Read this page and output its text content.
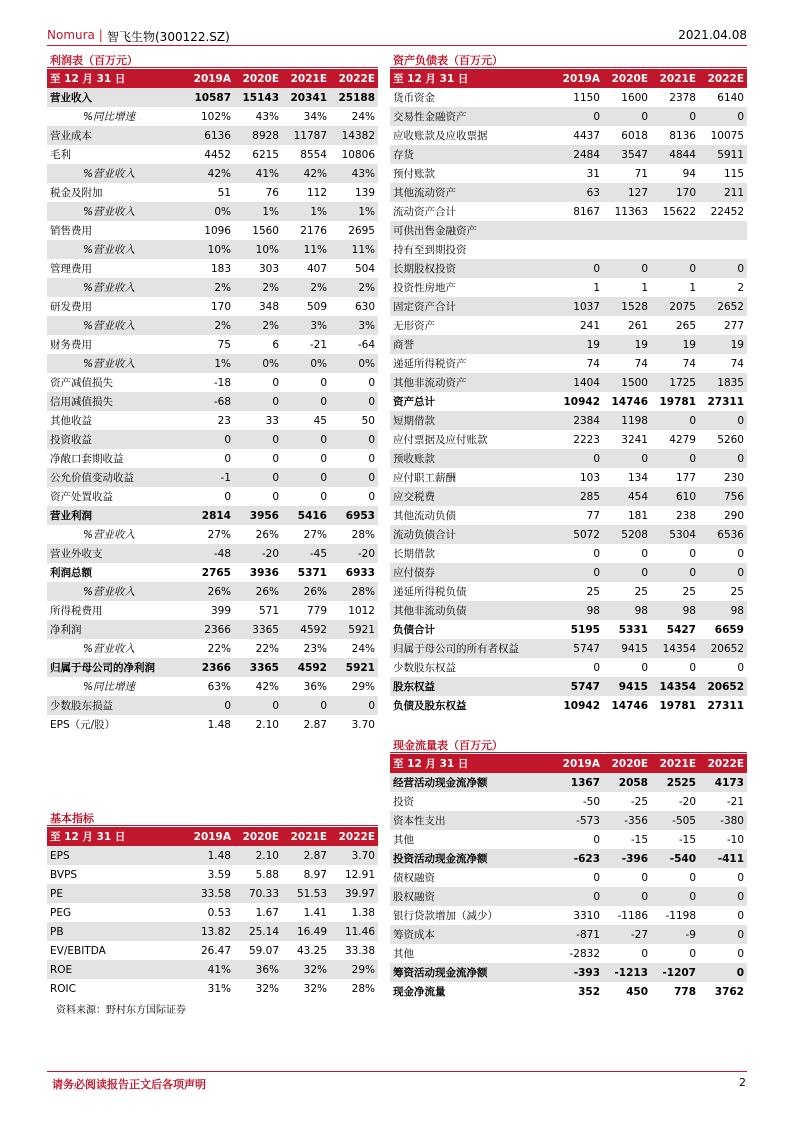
Nomura | 智飞生物(300122.SZ)	2021.04.08
利润表（百万元）
至 12 月 31 日	2019A	2020E	2021E	2022E
营业收入	10587	15143	20341	25188
%同比增速	102%	43%	34%	24%
营业成本	6136	8928	11787	14382
毛利	4452	6215	8554	10806
%营业收入	42%	41%	42%	43%
税金及附加	51	76	112	139
%营业收入	0%	1%	1%	1%
销售费用	1096	1560	2176	2695
%营业收入	10%	10%	11%	11%
管理费用	183	303	407	504
%营业收入	2%	2%	2%	2%
研发费用	170	348	509	630
%营业收入	2%	2%	3%	3%
财务费用	75	6	-21	-64
%营业收入	1%	0%	0%	0%
资产减值损失	-18	0	0	0
信用减值损失	-68	0	0	0
其他收益	23	33	45	50
投资收益	0	0	0	0
净敞口套期收益	0	0	0	0
公允价值变动收益	-1	0	0	0
资产处置收益	0	0	0	0
营业利润	2814	3956	5416	6953
%营业收入	27%	26%	27%	28%
营业外收支	-48	-20	-45	-20
利润总额	2765	3936	5371	6933
%营业收入	26%	26%	26%	28%
所得税费用	399	571	779	1012
净利润	2366	3365	4592	5921
%营业收入	22%	22%	23%	24%
归属于母公司的净利润	2366	3365	4592	5921
%同比增速	63%	42%	36%	29%
少数股东损益	0	0	0	0
EPS（元/股）	1.48	2.10	2.87	3.70
资产负债表（百万元）
至 12 月 31 日	2019A	2020E	2021E	2022E
货币资金	1150	1600	2378	6140
交易性金融资产	0	0	0	0
应收账款及应收票据	4437	6018	8136	10075
存货	2484	3547	4844	5911
预付账款	31	71	94	115
其他流动资产	63	127	170	211
流动资产合计	8167	11363	15622	22452
可供出售金融资产				
持有至到期投资				
长期股权投资	0	0	0	0
投资性房地产	1	1	1	2
固定资产合计	1037	1528	2075	2652
无形资产	241	261	265	277
商誉	19	19	19	19
递延所得税资产	74	74	74	74
其他非流动资产	1404	1500	1725	1835
资产总计	10942	14746	19781	27311
短期借款	2384	1198	0	0
应付票据及应付账款	2223	3241	4279	5260
预收账款	0	0	0	0
应付职工薪酬	103	134	177	230
应交税费	285	454	610	756
其他流动负债	77	181	238	290
流动负债合计	5072	5208	5304	6536
长期借款	0	0	0	0
应付债券	0	0	0	0
递延所得税负债	25	25	25	25
其他非流动负债	98	98	98	98
负债合计	5195	5331	5427	6659
归属于母公司的所有者权益	5747	9415	14354	20652
少数股东权益	0	0	0	0
股东权益	5747	9415	14354	20652
负债及股东权益	10942	14746	19781	27311
基本指标
至 12 月 31 日	2019A	2020E	2021E	2022E
EPS	1.48	2.10	2.87	3.70
BVPS	3.59	5.88	8.97	12.91
PE	33.58	70.33	51.53	39.97
PEG	0.53	1.67	1.41	1.38
PB	13.82	25.14	16.49	11.46
EV/EBITDA	26.47	59.07	43.25	33.38
ROE	41%	36%	32%	29%
ROIC	31%	32%	32%	28%
现金流量表（百万元）
至 12 月 31 日	2019A	2020E	2021E	2022E
经营活动现金流净额	1367	2058	2525	4173
投资	-50	-25	-20	-21
资本性支出	-573	-356	-505	-380
其他	0	-15	-15	-10
投资活动现金流净额	-623	-396	-540	-411
债权融资	0	0	0	0
股权融资	0	0	0	0
银行贷款增加（减少）	3310	-1186	-1198	0
筹资成本	-871	-27	-9	0
其他	-2832	0	0	0
筹资活动现金流净额	-393	-1213	-1207	0
现金净流量	352	450	778	3762
资料来源：野村东方国际证券
请务必阅读报告正文后各项声明	2
